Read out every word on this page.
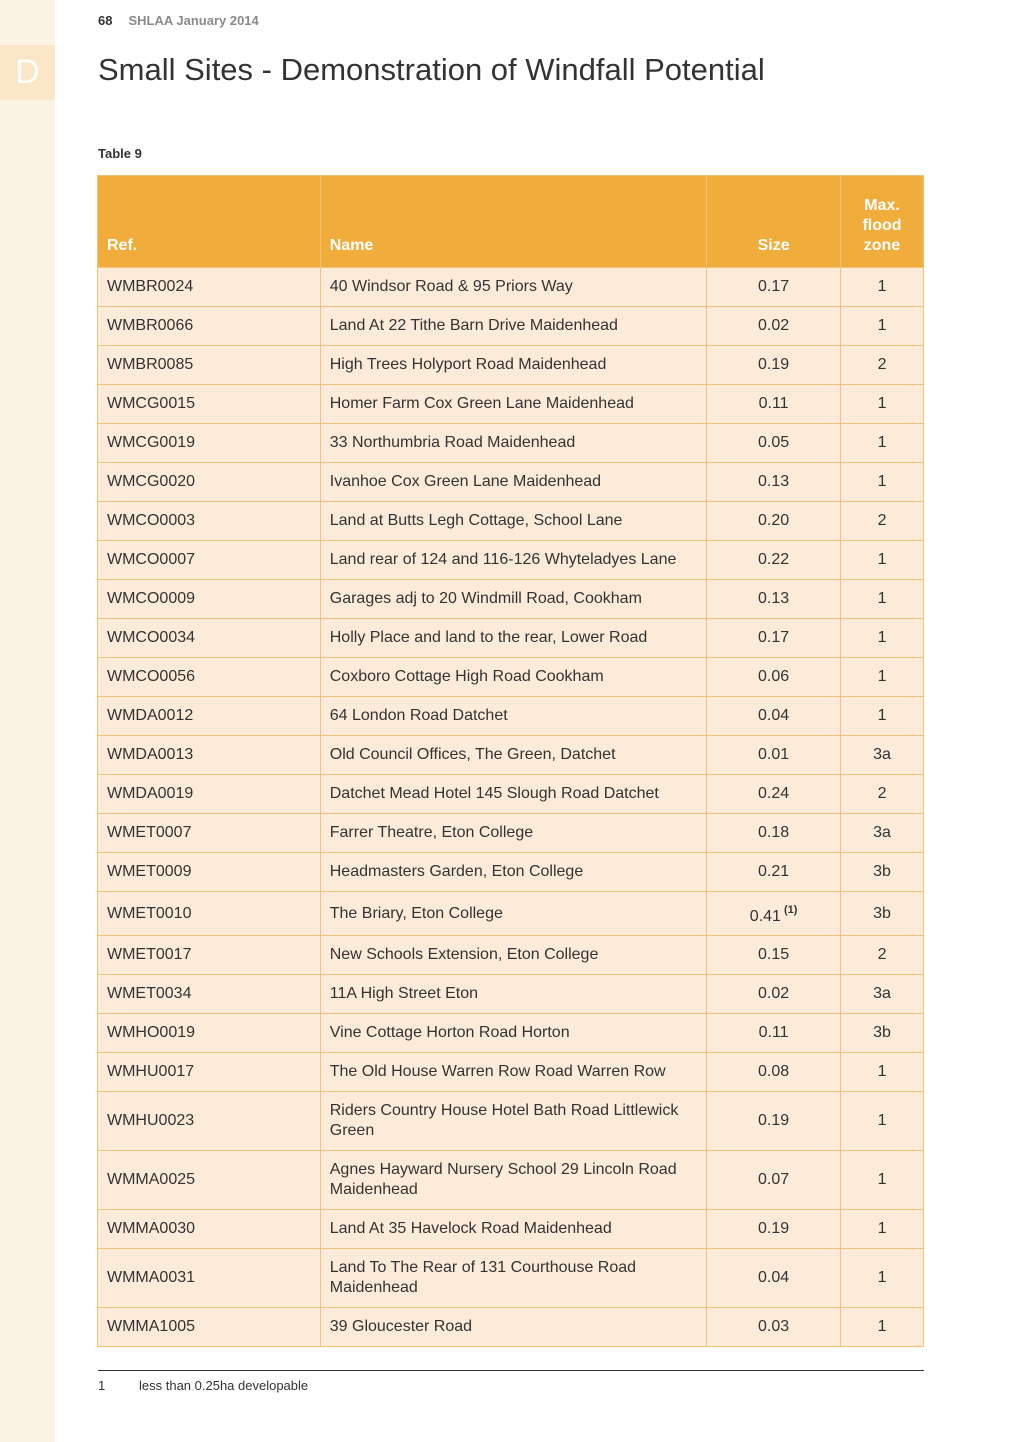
D
68 SHLAA January 2014
Small Sites - Demonstration of Windfall Potential
Table 9
Ref.	Name	Size	Max.
flood
zone
WMBR0024	40 Windsor Road & 95 Priors Way	0.17	1
WMBR0066	Land At 22 Tithe Barn Drive Maidenhead	0.02	1
WMBR0085	High Trees Holyport Road Maidenhead	0.19	2
WMCG0015	Homer Farm Cox Green Lane Maidenhead	0.11	1
WMCG0019	33 Northumbria Road Maidenhead	0.05	1
WMCG0020	Ivanhoe Cox Green Lane Maidenhead	0.13	1
WMCO0003	Land at Butts Legh Cottage, School Lane	0.20	2
WMCO0007	Land rear of 124 and 116-126 Whyteladyes Lane	0.22	1
WMCO0009	Garages adj to 20 Windmill Road, Cookham	0.13	1
WMCO0034	Holly Place and land to the rear, Lower Road	0.17	1
WMCO0056	Coxboro Cottage High Road Cookham	0.06	1
WMDA0012	64 London Road Datchet	0.04	1
WMDA0013	Old Council Offices, The Green, Datchet	0.01	3a
WMDA0019	Datchet Mead Hotel 145 Slough Road Datchet	0.24	2
WMET0007	Farrer Theatre, Eton College	0.18	3a
WMET0009	Headmasters Garden, Eton College	0.21	3b
WMET0010	The Briary, Eton College	0.41 $^{(1)}$	3b
WMET0017	New Schools Extension, Eton College	0.15	2
WMET0034	11A High Street Eton	0.02	3a
WMHO0019	Vine Cottage Horton Road Horton	0.11	3b
WMHU0017	The Old House Warren Row Road Warren Row	0.08	1
WMHU0023	Riders Country House Hotel Bath Road Littlewick Green	0.19	1
WMMA0025	Agnes Hayward Nursery School 29 Lincoln Road Maidenhead	0.07	1
WMMA0030	Land At 35 Havelock Road Maidenhead	0.19	1
WMMA0031	Land To The Rear of 131 Courthouse Road Maidenhead	0.04	1
WMMA1005	39 Gloucester Road	0.03	1
1	less than 0.25ha developable
